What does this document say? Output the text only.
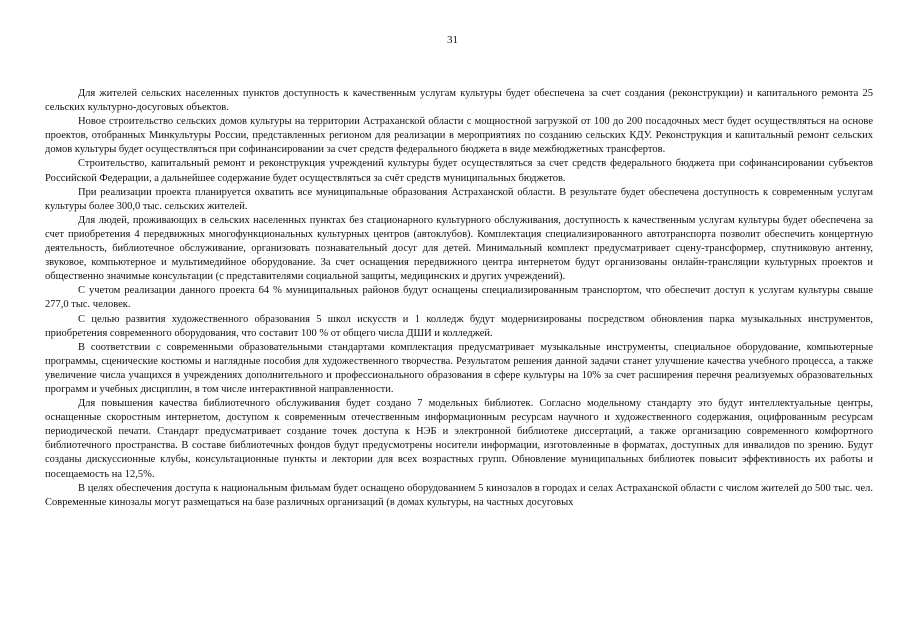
31

Для жителей сельских населенных пунктов доступность к качественным услугам культуры будет обеспечена за счет создания (реконструкции) и капитального ремонта 25 сельских культурно-досуговых объектов.

Новое строительство сельских домов культуры на территории Астраханской области с мощностной загрузкой от 100 до 200 посадочных мест будет осуществляться на основе проектов, отобранных Минкультуры России, представленных регионом для реализации в мероприятиях по созданию сельских КДУ. Реконструкция и капитальный ремонт сельских домов культуры будет осуществляться при софинансировании за счет средств федерального бюджета в виде межбюджетных трансфертов.

Строительство, капитальный ремонт и реконструкция учреждений культуры будет осуществляться за счет средств федерального бюджета при софинансировании субъектов Российской Федерации, а дальнейшее содержание будет осуществляться за счёт средств муниципальных бюджетов.

При реализации проекта планируется охватить все муниципальные образования Астраханской области. В результате будет обеспечена доступность к современным услугам культуры более 300,0 тыс. сельских жителей.

Для людей, проживающих в сельских населенных пунктах без стационарного культурного обслуживания, доступность к качественным услугам культуры будет обеспечена за счет приобретения 4 передвижных многофункциональных культурных центров (автоклубов). Комплектация специализированного автотранспорта позволит обеспечить концертную деятельность, библиотечное обслуживание, организовать познавательный досуг для детей. Минимальный комплект предусматривает сцену-трансформер, спутниковую антенну, звуковое, компьютерное и мультимедийное оборудование. За счет оснащения передвижного центра интернетом будут организованы онлайн-трансляции культурных проектов и общественно значимые консультации (с представителями социальной защиты, медицинских и других учреждений).

С учетом реализации данного проекта 64 % муниципальных районов будут оснащены специализированным транспортом, что обеспечит доступ к услугам культуры свыше 277,0 тыс. человек.

С целью развития художественного образования 5 школ искусств и 1 колледж будут модернизированы посредством обновления парка музыкальных инструментов, приобретения современного оборудования, что составит 100 % от общего числа ДШИ и колледжей.

В соответствии с современными образовательными стандартами комплектация предусматривает музыкальные инструменты, специальное оборудование, компьютерные программы, сценические костюмы и наглядные пособия для художественного творчества. Результатом решения данной задачи станет улучшение качества учебного процесса, а также увеличение числа учащихся в учреждениях дополнительного и профессионального образования в сфере культуры на 10% за счет расширения перечня реализуемых образовательных программ и учебных дисциплин, в том числе интерактивной направленности.

Для повышения качества библиотечного обслуживания будет создано 7 модельных библиотек. Согласно модельному стандарту это будут интеллектуальные центры, оснащенные скоростным интернетом, доступом к современным отечественным информационным ресурсам научного и художественного содержания, оцифрованным ресурсам периодической печати. Стандарт предусматривает создание точек доступа к НЭБ и электронной библиотеке диссертаций, а также организацию современного комфортного библиотечного пространства. В составе библиотечных фондов будут предусмотрены носители информации, изготовленные в форматах, доступных для инвалидов по зрению. Будут созданы дискуссионные клубы, консультационные пункты и лектории для всех возрастных групп. Обновление муниципальных библиотек повысит эффективность их работы и посещаемость на 12,5%.

В целях обеспечения доступа к национальным фильмам будет оснащено оборудованием 5 кинозалов в городах и селах Астраханской области с числом жителей до 500 тыс. чел. Современные кинозалы могут размещаться на базе различных организаций (в домах культуры, на частных досуговых
